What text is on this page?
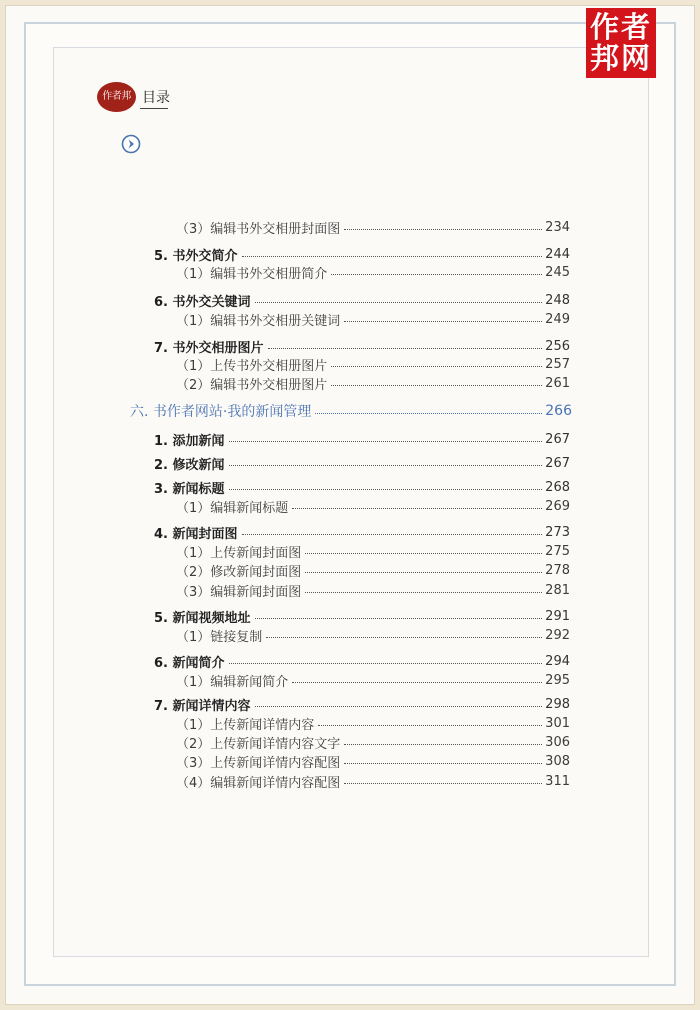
作者
邦网
作者邦 目录
（3）编辑书外交相册封面图	234
5. 书外交简介	244
（1）编辑书外交相册简介	245
6. 书外交关键词	248
（1）编辑书外交相册关键词	249
7. 书外交相册图片	256
（1）上传书外交相册图片	257
（2）编辑书外交相册图片	261
六. 书作者网站·我的新闻管理	266
1. 添加新闻	267
2. 修改新闻	267
3. 新闻标题	268
（1）编辑新闻标题	269
4. 新闻封面图	273
（1）上传新闻封面图	275
（2）修改新闻封面图	278
（3）编辑新闻封面图	281
5. 新闻视频地址	291
（1）链接复制	292
6. 新闻简介	294
（1）编辑新闻简介	295
7. 新闻详情内容	298
（1）上传新闻详情内容	301
（2）上传新闻详情内容文字	306
（3）上传新闻详情内容配图	308
（4）编辑新闻详情内容配图	311
